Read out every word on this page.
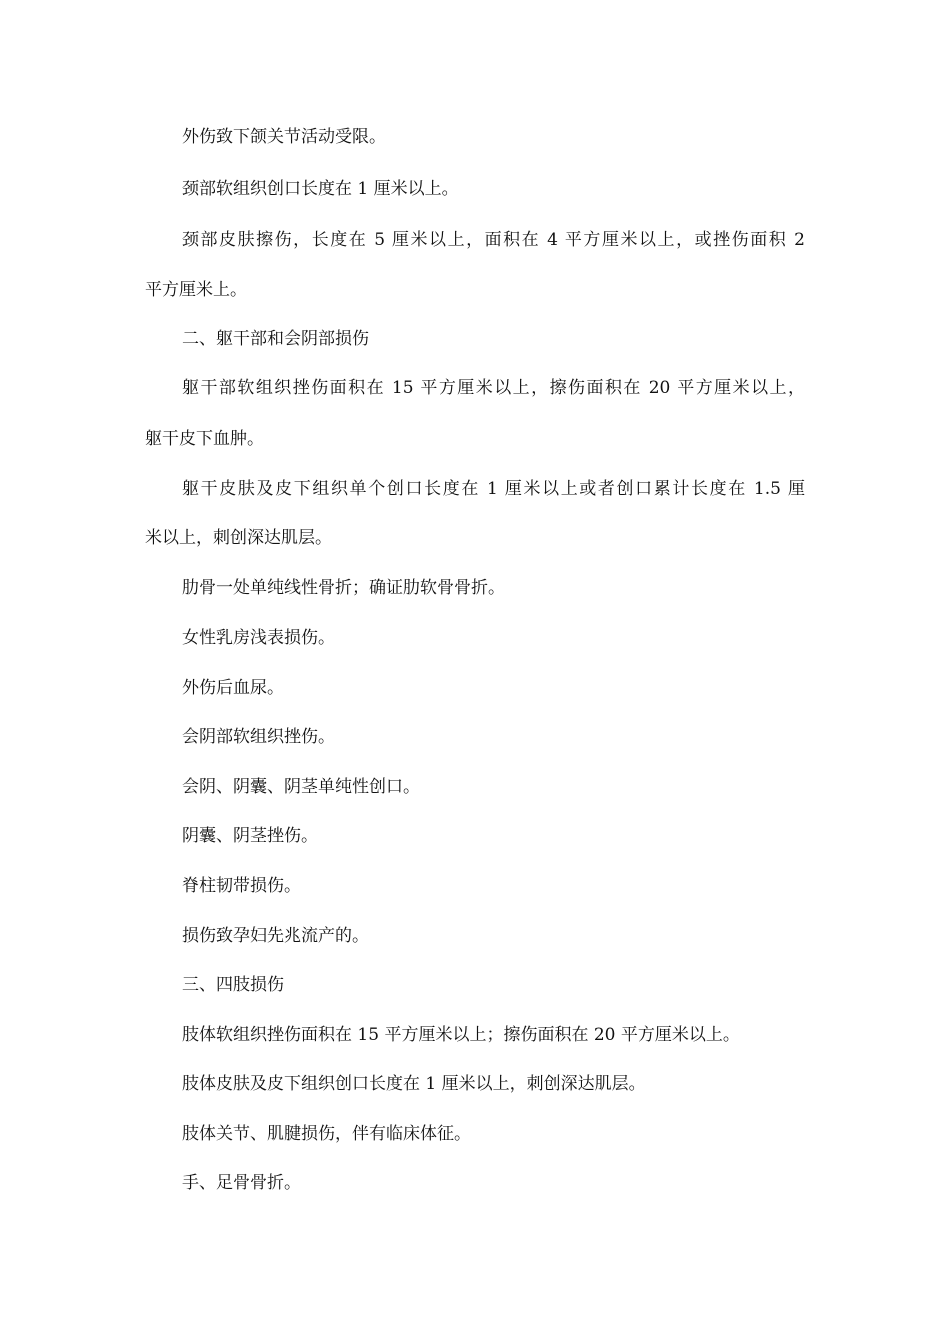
外伤致下颌关节活动受限。

颈部软组织创口长度在 1 厘米以上。

颈部皮肤擦伤，长度在 5 厘米以上，面积在 4 平方厘米以上，或挫伤面积 2

平方厘米上。

二、躯干部和会阴部损伤

躯干部软组织挫伤面积在 15 平方厘米以上，擦伤面积在 20 平方厘米以上，

躯干皮下血肿。

躯干皮肤及皮下组织单个创口长度在 1 厘米以上或者创口累计长度在 1.5 厘

米以上，刺创深达肌层。

肋骨一处单纯线性骨折；确证肋软骨骨折。

女性乳房浅表损伤。

外伤后血尿。

会阴部软组织挫伤。

会阴、阴囊、阴茎单纯性创口。

阴囊、阴茎挫伤。

脊柱韧带损伤。

损伤致孕妇先兆流产的。

三、四肢损伤

肢体软组织挫伤面积在 15 平方厘米以上；擦伤面积在 20 平方厘米以上。

肢体皮肤及皮下组织创口长度在 1 厘米以上，刺创深达肌层。

肢体关节、肌腱损伤，伴有临床体征。

手、足骨骨折。
